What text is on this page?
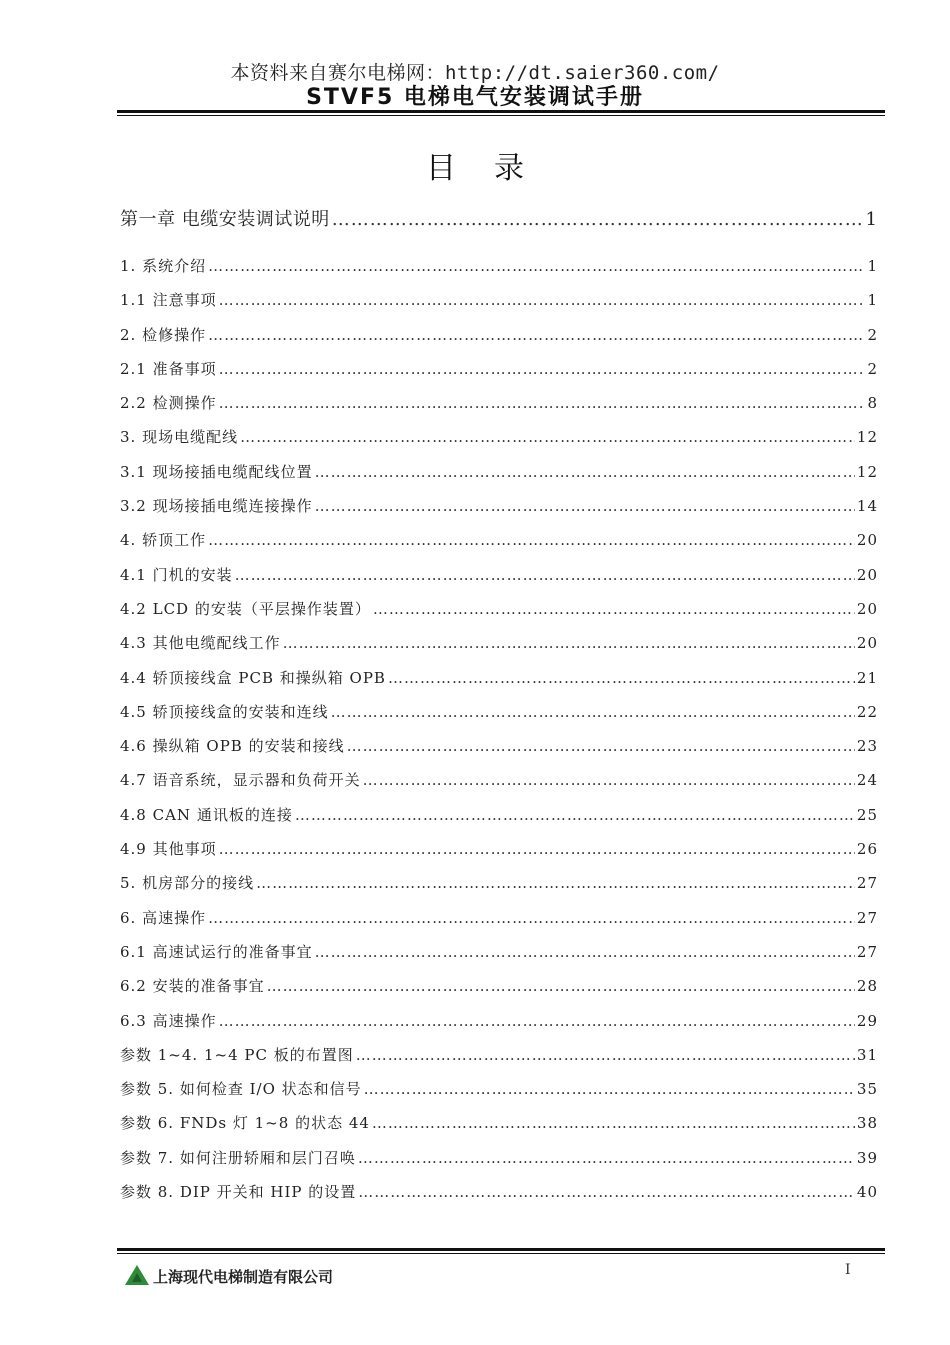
本资料来自赛尔电梯网：http://dt.saier360.com/
STVF5 电梯电气安装调试手册
目录
第一章 电缆安装调试说明 ………………………………………………………………………………………………………………………………………………………………………………	1
1. 系统介绍 ………………………………………………………………………………………………………………………………………………………………………………	1
1.1 注意事项 ………………………………………………………………………………………………………………………………………………………………………………	1
2. 检修操作 ………………………………………………………………………………………………………………………………………………………………………………	2
2.1 准备事项 ………………………………………………………………………………………………………………………………………………………………………………	2
2.2 检测操作 ………………………………………………………………………………………………………………………………………………………………………………	8
3. 现场电缆配线 ………………………………………………………………………………………………………………………………………………………………………………	12
3.1 现场接插电缆配线位置 ………………………………………………………………………………………………………………………………………………………………………………	12
3.2 现场接插电缆连接操作 ………………………………………………………………………………………………………………………………………………………………………………	14
4. 轿顶工作 ………………………………………………………………………………………………………………………………………………………………………………	20
4.1 门机的安装 ………………………………………………………………………………………………………………………………………………………………………………	20
4.2 LCD 的安装（平层操作装置） ………………………………………………………………………………………………………………………………………………………………………………	20
4.3 其他电缆配线工作 ………………………………………………………………………………………………………………………………………………………………………………	20
4.4 轿顶接线盒 PCB 和操纵箱 OPB ………………………………………………………………………………………………………………………………………………………………………………	21
4.5 轿顶接线盒的安装和连线 ………………………………………………………………………………………………………………………………………………………………………………	22
4.6 操纵箱 OPB 的安装和接线 ………………………………………………………………………………………………………………………………………………………………………………	23
4.7 语音系统，显示器和负荷开关 ………………………………………………………………………………………………………………………………………………………………………………	24
4.8 CAN 通讯板的连接 ………………………………………………………………………………………………………………………………………………………………………………	25
4.9 其他事项 ………………………………………………………………………………………………………………………………………………………………………………	26
5. 机房部分的接线 ………………………………………………………………………………………………………………………………………………………………………………	27
6. 高速操作 ………………………………………………………………………………………………………………………………………………………………………………	27
6.1 高速试运行的准备事宜 ………………………………………………………………………………………………………………………………………………………………………………	27
6.2 安装的准备事宜 ………………………………………………………………………………………………………………………………………………………………………………	28
6.3 高速操作 ………………………………………………………………………………………………………………………………………………………………………………	29
参数 1~4. 1~4 PC 板的布置图 ………………………………………………………………………………………………………………………………………………………………………………	31
参数 5. 如何检查 I/O 状态和信号 ………………………………………………………………………………………………………………………………………………………………………………	35
参数 6. FNDs 灯 1~8 的状态 44 ………………………………………………………………………………………………………………………………………………………………………………	38
参数 7. 如何注册轿厢和层门召唤 ………………………………………………………………………………………………………………………………………………………………………………	39
参数 8. DIP 开关和 HIP 的设置 ………………………………………………………………………………………………………………………………………………………………………………	40
上海现代电梯制造有限公司	I
